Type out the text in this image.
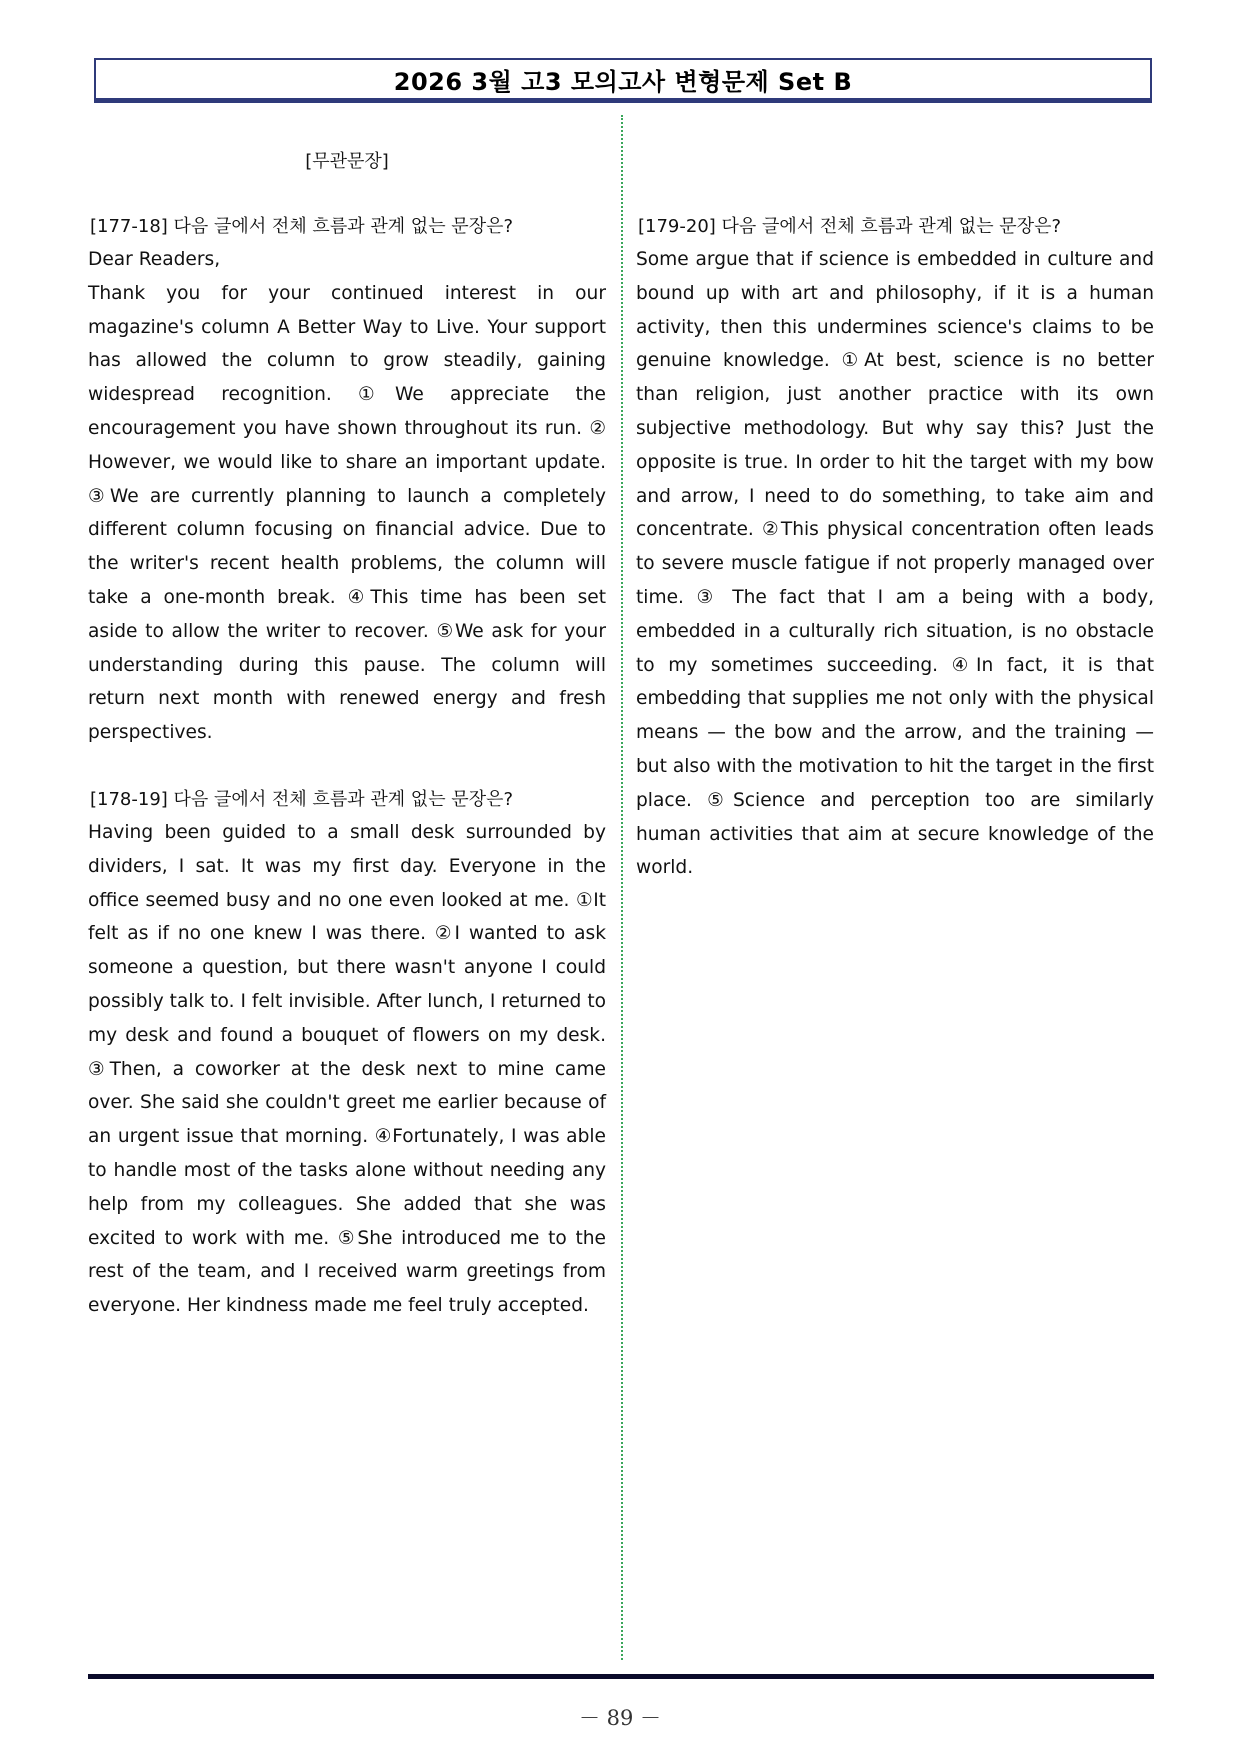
2026 3월 고3 모의고사 변형문제 Set B
[무관문장]

[177-18] 다음 글에서 전체 흐름과 관계 없는 문장은?

Dear Readers,
Thank you for your continued interest in our magazine's column A Better Way to Live. Your support has allowed the column to grow steadily, gaining widespread recognition. ①We appreciate the encouragement you have shown throughout its run. ② However, we would like to share an important update. ③We are currently planning to launch a completely different column focusing on financial advice. Due to the writer's recent health problems, the column will take a one-month break. ④This time has been set aside to allow the writer to recover. ⑤We ask for your understanding during this pause. The column will return next month with renewed energy and fresh perspectives.

[178-19] 다음 글에서 전체 흐름과 관계 없는 문장은?

Having been guided to a small desk surrounded by dividers, I sat. It was my first day. Everyone in the office seemed busy and no one even looked at me. ①It felt as if no one knew I was there. ②I wanted to ask someone a question, but there wasn't anyone I could possibly talk to. I felt invisible. After lunch, I returned to my desk and found a bouquet of flowers on my desk. ③Then, a coworker at the desk next to mine came over. She said she couldn't greet me earlier because of an urgent issue that morning. ④Fortunately, I was able to handle most of the tasks alone without needing any help from my colleagues. She added that she was excited to work with me. ⑤She introduced me to the rest of the team, and I received warm greetings from everyone. Her kindness made me feel truly accepted.

[179-20] 다음 글에서 전체 흐름과 관계 없는 문장은?

Some argue that if science is embedded in culture and bound up with art and philosophy, if it is a human activity, then this undermines science's claims to be genuine knowledge. ①At best, science is no better than religion, just another practice with its own subjective methodology. But why say this? Just the opposite is true. In order to hit the target with my bow and arrow, I need to do something, to take aim and concentrate. ②This physical concentration often leads to severe muscle fatigue if not properly managed over time. ③ The fact that I am a being with a body, embedded in a culturally rich situation, is no obstacle to my sometimes succeeding. ④In fact, it is that embedding that supplies me not only with the physical means — the bow and the arrow, and the training — but also with the motivation to hit the target in the first place. ⑤Science and perception too are similarly human activities that aim at secure knowledge of the world.

－ 89 －
